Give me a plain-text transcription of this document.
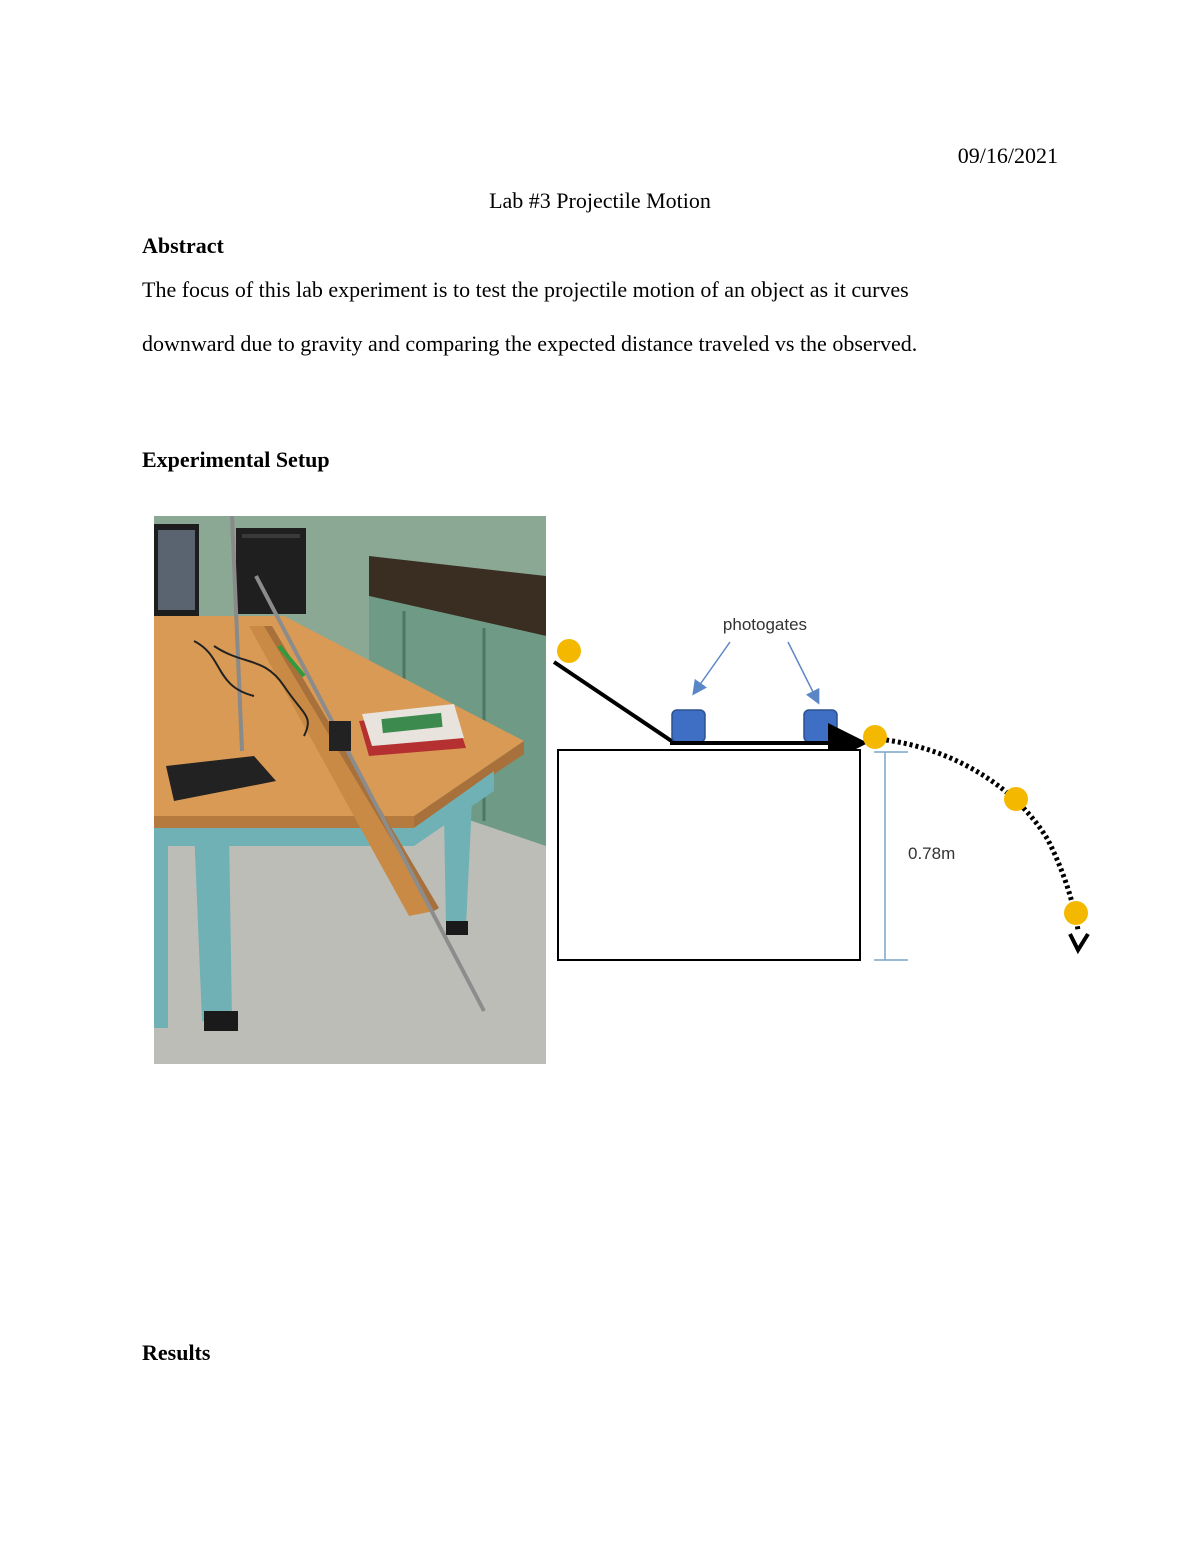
09/16/2021
Lab #3 Projectile Motion
Abstract
The focus of this lab experiment is to test the projectile motion of an object as it curves
downward due to gravity and comparing the expected distance traveled vs the observed.
Experimental Setup
photogates
0.78m
Results
